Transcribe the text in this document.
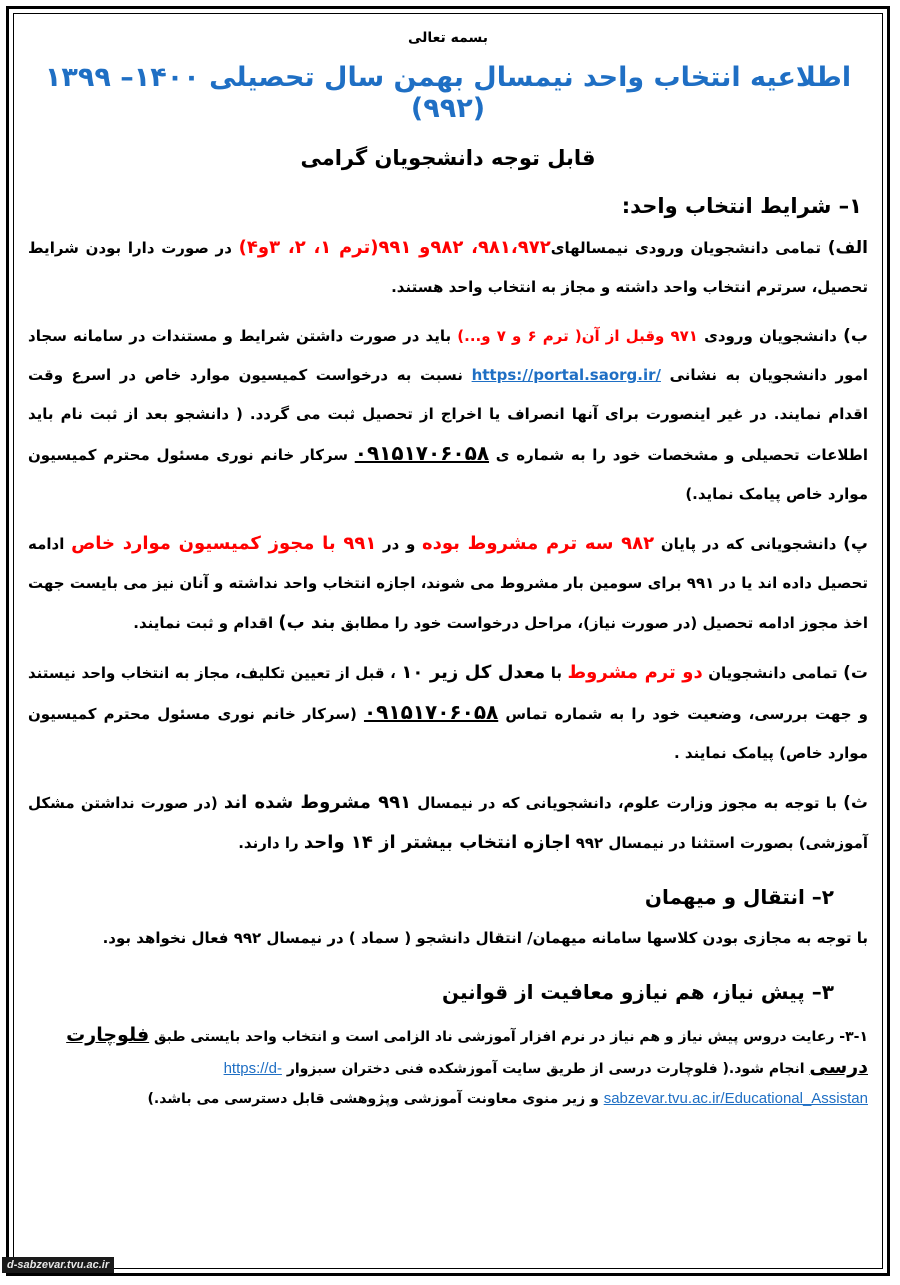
بسمه تعالی
اطلاعیه انتخاب واحد نیمسال بهمن سال تحصیلی ۱۴۰۰– ۱۳۹۹ (۹۹۲)
قابل توجه دانشجویان گرامی
۱– شرایط انتخاب واحد:
الف) تمامی دانشجویان ورودی نیمسالهای۹۸۱،۹۷۲، ۹۸۲و ۹۹۱(ترم ۱، ۲، ۳و۴) در صورت دارا بودن شرایط تحصیل، سرترم انتخاب واحد داشته و مجاز به انتخاب واحد هستند.
ب) دانشجویان ورودی ۹۷۱ وقبل از آن( ترم ۶ و ۷ و...) باید در صورت داشتن شرایط و مستندات در سامانه سجاد امور دانشجویان به نشانی https://portal.saorg.ir/ نسبت به درخواست کمیسیون موارد خاص در اسرع وقت اقدام نمایند. در غیر اینصورت برای آنها انصراف یا اخراج از تحصیل ثبت می گردد. ( دانشجو بعد از ثبت نام باید اطلاعات تحصیلی و مشخصات خود را به شماره ی ۰۹۱۵۱۷۰۶۰۵۸ سرکار خانم نوری مسئول محترم کمیسیون موارد خاص پیامک نماید.)
پ) دانشجویانی که در پایان ۹۸۲ سه ترم مشروط بوده و در ۹۹۱ با مجوز کمیسیون موارد خاص ادامه تحصیل داده اند یا در ۹۹۱ برای سومین بار مشروط می شوند، اجازه انتخاب واحد نداشته و آنان نیز می بایست جهت اخذ مجوز ادامه تحصیل (در صورت نیاز)، مراحل درخواست خود را مطابق بند ب) اقدام و ثبت نمایند.
ت) تمامی دانشجویان دو ترم مشروط با معدل کل زیر ۱۰ ، قبل از تعیین تکلیف، مجاز به انتخاب واحد نیستند و جهت بررسی، وضعیت خود را به شماره تماس ۰۹۱۵۱۷۰۶۰۵۸ (سرکار خانم نوری مسئول محترم کمیسیون موارد خاص) پیامک نمایند .
ث) با توجه به مجوز وزارت علوم، دانشجویانی که در نیمسال ۹۹۱ مشروط شده اند (در صورت نداشتن مشکل آموزشی) بصورت استثنا در نیمسال ۹۹۲ اجازه انتخاب بیشتر از ۱۴ واحد را دارند.
۲– انتقال و میهمان
با توجه به مجازی بودن کلاسها سامانه میهمان/ انتقال دانشجو ( سماد ) در نیمسال ۹۹۲ فعال نخواهد بود.
۳– پیش نیاز، هم نیازو معافیت از قوانین
۳-۱- رعایت دروس پیش نیاز و هم نیاز در نرم افزار آموزشی ناد الزامی است و انتخاب واحد بایستی طبق فلوچارت درسی انجام شود.( فلوچارت درسی از طریق سایت آموزشکده فنی دختران سبزوار https://d-sabzevar.tvu.ac.ir/Educational_Assistan و زیر منوی معاونت آموزشی وپژوهشی قابل دسترسی می باشد.)
d-sabzevar.tvu.ac.ir
